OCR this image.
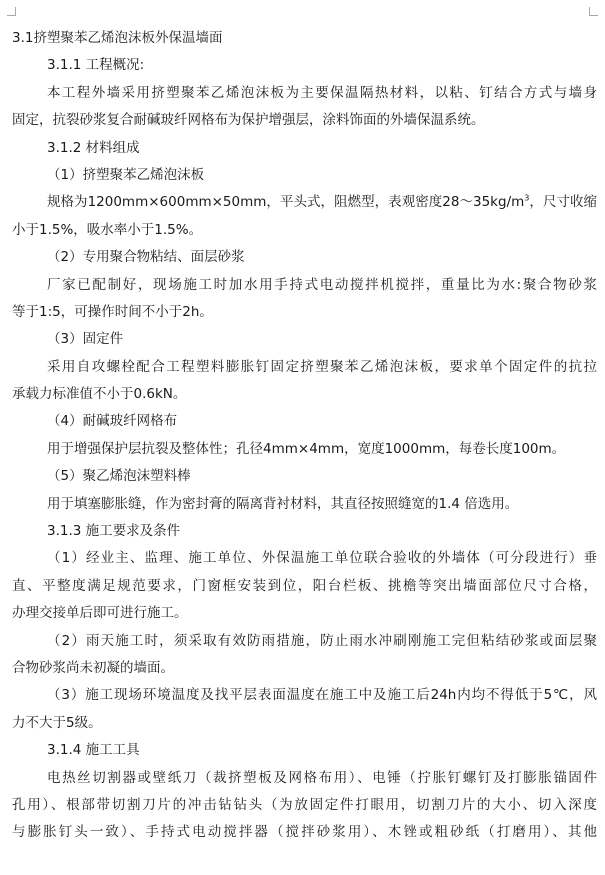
3.1挤塑聚苯乙烯泡沫板外保温墙面
3.1.1 工程概况:
本工程外墙采用挤塑聚苯乙烯泡沫板为主要保温隔热材料，以粘、钉结合方式与墙身
固定，抗裂砂浆复合耐碱玻纤网格布为保护增强层，涂料饰面的外墙保温系统。
3.1.2 材料组成
（1）挤塑聚苯乙烯泡沫板
规格为1200mm×600mm×50mm，平头式，阻燃型，表观密度$28\sim 35kg/m^3$，尺寸收缩
小于1.5%，吸水率小于1.5%。
（2）专用聚合物粘结、面层砂浆
厂家已配制好，现场施工时加水用手持式电动搅拌机搅拌，重量比为水:聚合物砂浆
等于1:5，可操作时间不小于2h。
（3）固定件
采用自攻螺栓配合工程塑料膨胀钉固定挤塑聚苯乙烯泡沫板，要求单个固定件的抗拉
承载力标准值不小于0.6kN。
（4）耐碱玻纤网格布
用于增强保护层抗裂及整体性；孔径4mm×4mm，宽度1000mm，每卷长度100m。
（5）聚乙烯泡沫塑料棒
用于填塞膨胀缝，作为密封膏的隔离背衬材料，其直径按照缝宽的1.4 倍选用。
3.1.3 施工要求及条件
（1）经业主、监理、施工单位、外保温施工单位联合验收的外墙体（可分段进行）垂
直、平整度满足规范要求，门窗框安装到位，阳台栏板、挑檐等突出墙面部位尺寸合格，
办理交接单后即可进行施工。
（2）雨天施工时，须采取有效防雨措施，防止雨水冲刷刚施工完但粘结砂浆或面层聚
合物砂浆尚未初凝的墙面。
（3）施工现场环境温度及找平层表面温度在施工中及施工后24h内均不得低于5℃，风
力不大于5级。
3.1.4 施工工具
电热丝切割器或壁纸刀（裁挤塑板及网格布用）、电锤（拧胀钉螺钉及打膨胀锚固件
孔用）、根部带切割刀片的冲击钻钻头（为放固定件打眼用，切割刀片的大小、切入深度
与膨胀钉头一致）、手持式电动搅拌器（搅拌砂浆用）、木锉或粗砂纸（打磨用）、其他
